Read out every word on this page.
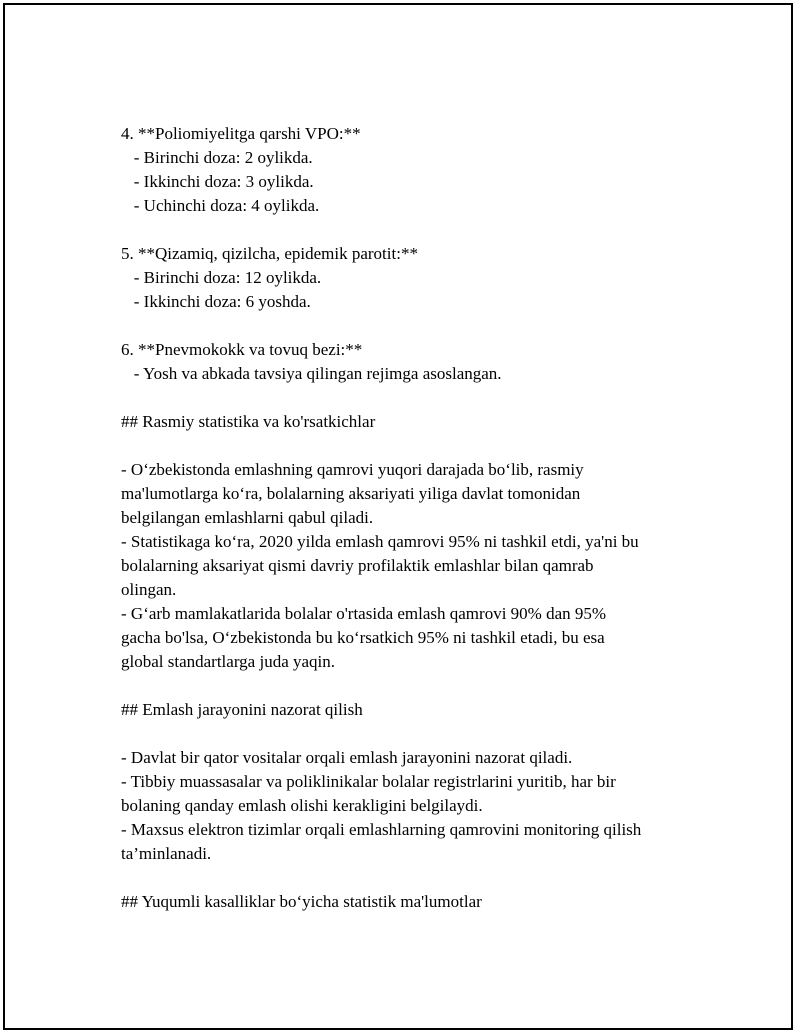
4. **Poliomiyelitga qarshi VPO:**
- Birinchi doza: 2 oylikda.
- Ikkinchi doza: 3 oylikda.
- Uchinchi doza: 4 oylikda.
5. **Qizamiq, qizilcha, epidemik parotit:**
- Birinchi doza: 12 oylikda.
- Ikkinchi doza: 6 yoshda.
6. **Pnevmokokk va tovuq bezi:**
- Yosh va abkada tavsiya qilingan rejimga asoslangan.
## Rasmiy statistika va ko'rsatkichlar
- O‘zbekistonda emlashning qamrovi yuqori darajada bo‘lib, rasmiy
ma'lumotlarga ko‘ra, bolalarning aksariyati yiliga davlat tomonidan
belgilangan emlashlarni qabul qiladi.
- Statistikaga ko‘ra, 2020 yilda emlash qamrovi 95% ni tashkil etdi, ya'ni bu
bolalarning aksariyat qismi davriy profilaktik emlashlar bilan qamrab
olingan.
- G‘arb mamlakatlarida bolalar o'rtasida emlash qamrovi 90% dan 95%
gacha bo'lsa, O‘zbekistonda bu ko‘rsatkich 95% ni tashkil etadi, bu esa
global standartlarga juda yaqin.
## Emlash jarayonini nazorat qilish
- Davlat bir qator vositalar orqali emlash jarayonini nazorat qiladi.
- Tibbiy muassasalar va poliklinikalar bolalar registrlarini yuritib, har bir
bolaning qanday emlash olishi kerakligini belgilaydi.
- Maxsus elektron tizimlar orqali emlashlarning qamrovini monitoring qilish
ta’minlanadi.
## Yuqumli kasalliklar bo‘yicha statistik ma'lumotlar
